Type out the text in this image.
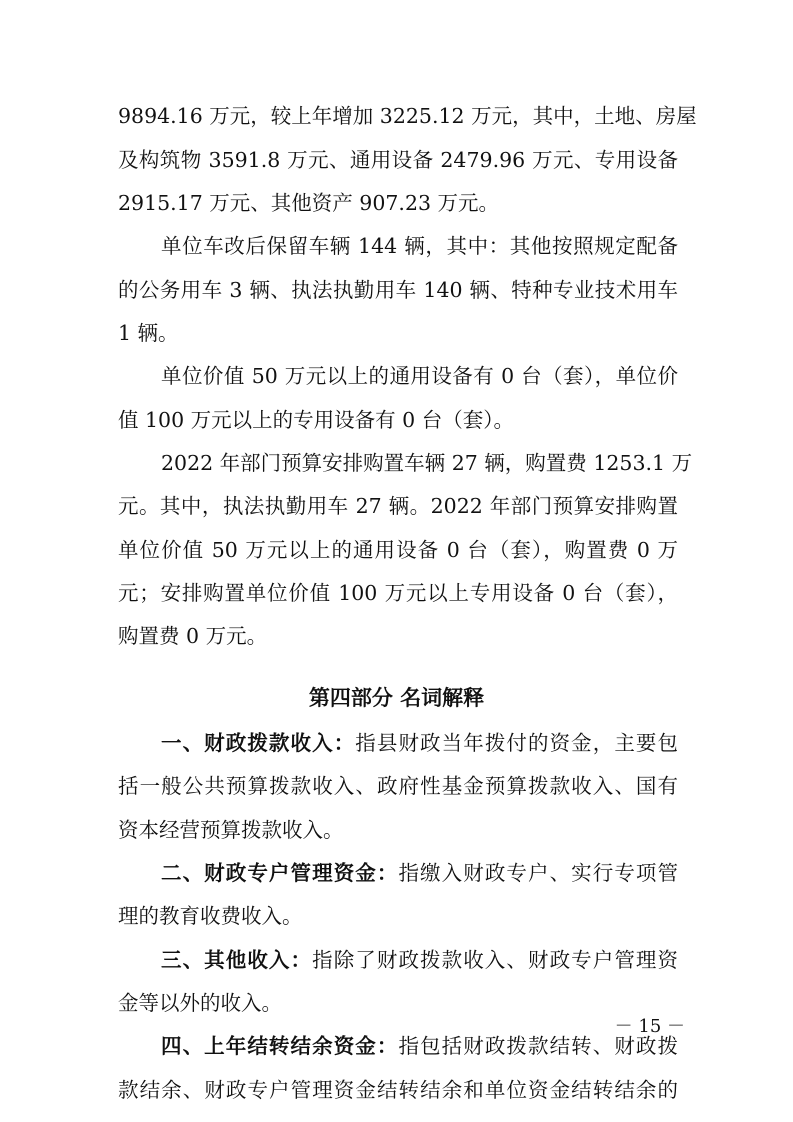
9894.16 万元，较上年增加 3225.12 万元，其中，土地、房屋
及构筑物 3591.8 万元、通用设备 2479.96 万元、专用设备
2915.17 万元、其他资产 907.23 万元。
单位车改后保留车辆 144 辆，其中：其他按照规定配备
的公务用车 3 辆、执法执勤用车 140 辆、特种专业技术用车
1 辆。
单位价值 50 万元以上的通用设备有 0 台（套），单位价
值 100 万元以上的专用设备有 0 台（套）。
2022 年部门预算安排购置车辆 27 辆，购置费 1253.1 万
元。其中，执法执勤用车 27 辆。2022 年部门预算安排购置
单位价值 50 万元以上的通用设备 0 台（套），购置费 0 万
元；安排购置单位价值 100 万元以上专用设备 0 台（套），
购置费 0 万元。
第四部分 名词解释
一、财政拨款收入：指县财政当年拨付的资金，主要包
括一般公共预算拨款收入、政府性基金预算拨款收入、国有
资本经营预算拨款收入。
二、财政专户管理资金：指缴入财政专户、实行专项管
理的教育收费收入。
三、其他收入：指除了财政拨款收入、财政专户管理资
金等以外的收入。
四、上年结转结余资金：指包括财政拨款结转、财政拨
款结余、财政专户管理资金结转结余和单位资金结转结余的
－ 15 －
